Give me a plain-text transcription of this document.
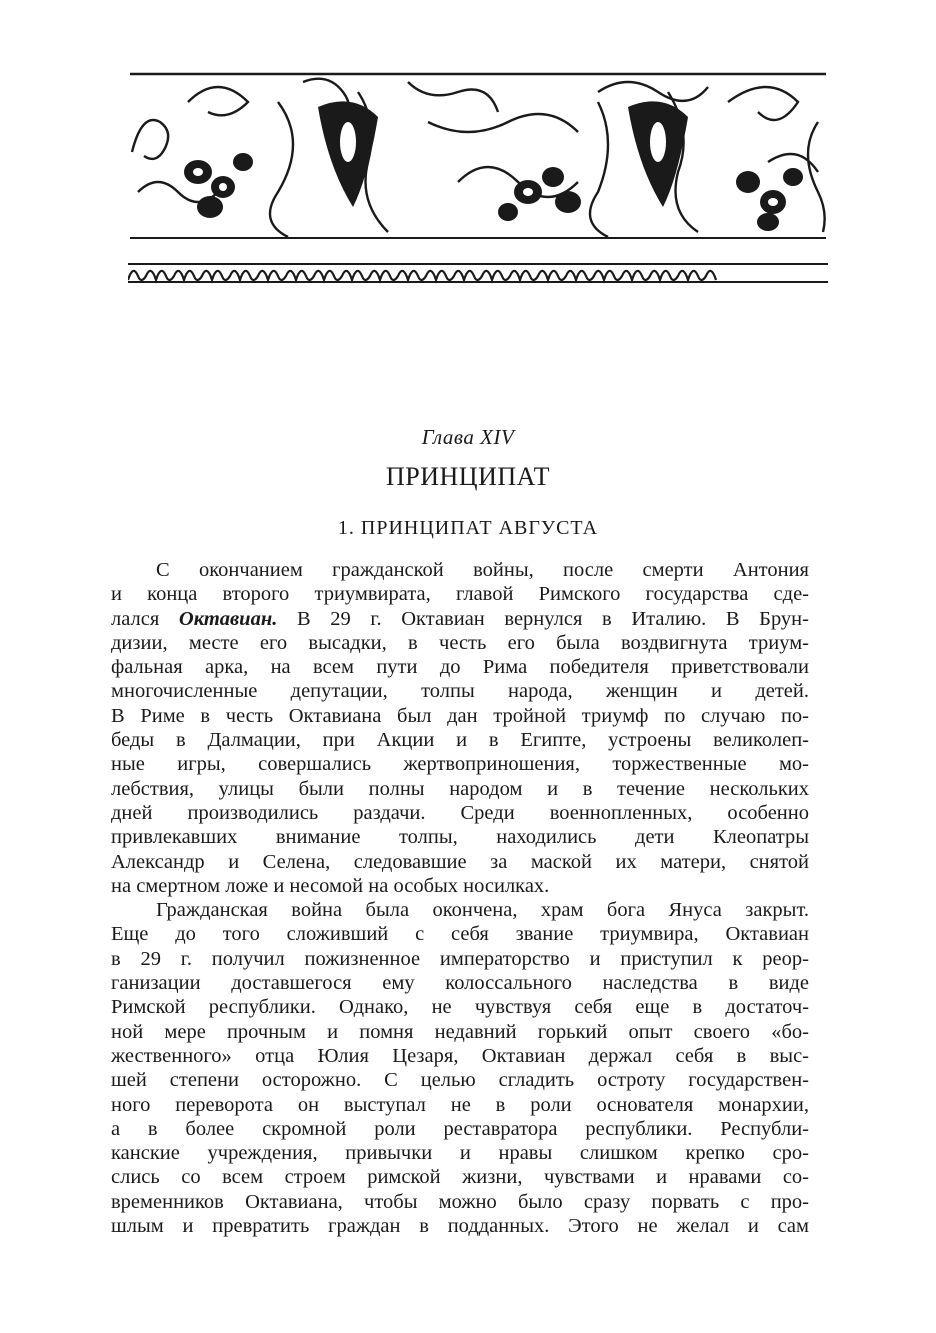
Глава XIV
ПРИНЦИПАТ
1. ПРИНЦИПАТ АВГУСТА
С окончанием гражданской войны, после смерти Антония
и конца второго триумвирата, главой Римского государства сде-
лался Октавиан. В 29 г. Октавиан вернулся в Италию. В Брун-
дизии, месте его высадки, в честь его была воздвигнута триум-
фальная арка, на всем пути до Рима победителя приветствовали
многочисленные депутации, толпы народа, женщин и детей.
В Риме в честь Октавиана был дан тройной триумф по случаю по-
беды в Далмации, при Акции и в Египте, устроены великолеп-
ные игры, совершались жертвоприношения, торжественные мо-
лебствия, улицы были полны народом и в течение нескольких
дней производились раздачи. Среди военнопленных, особенно
привлекавших внимание толпы, находились дети Клеопатры
Александр и Селена, следовавшие за маской их матери, снятой
на смертном ложе и несомой на особых носилках.
Гражданская война была окончена, храм бога Януса закрыт.
Еще до того сложивший с себя звание триумвира, Октавиан
в 29 г. получил пожизненное императорство и приступил к реор-
ганизации доставшегося ему колоссального наследства в виде
Римской республики. Однако, не чувствуя себя еще в достаточ-
ной мере прочным и помня недавний горький опыт своего «бо-
жественного» отца Юлия Цезаря, Октавиан держал себя в выс-
шей степени осторожно. С целью сгладить остроту государствен-
ного переворота он выступал не в роли основателя монархии,
а в более скромной роли реставратора республики. Республи-
канские учреждения, привычки и нравы слишком крепко сро-
слись со всем строем римской жизни, чувствами и нравами со-
временников Октавиана, чтобы можно было сразу порвать с про-
шлым и превратить граждан в подданных. Этого не желал и сам
